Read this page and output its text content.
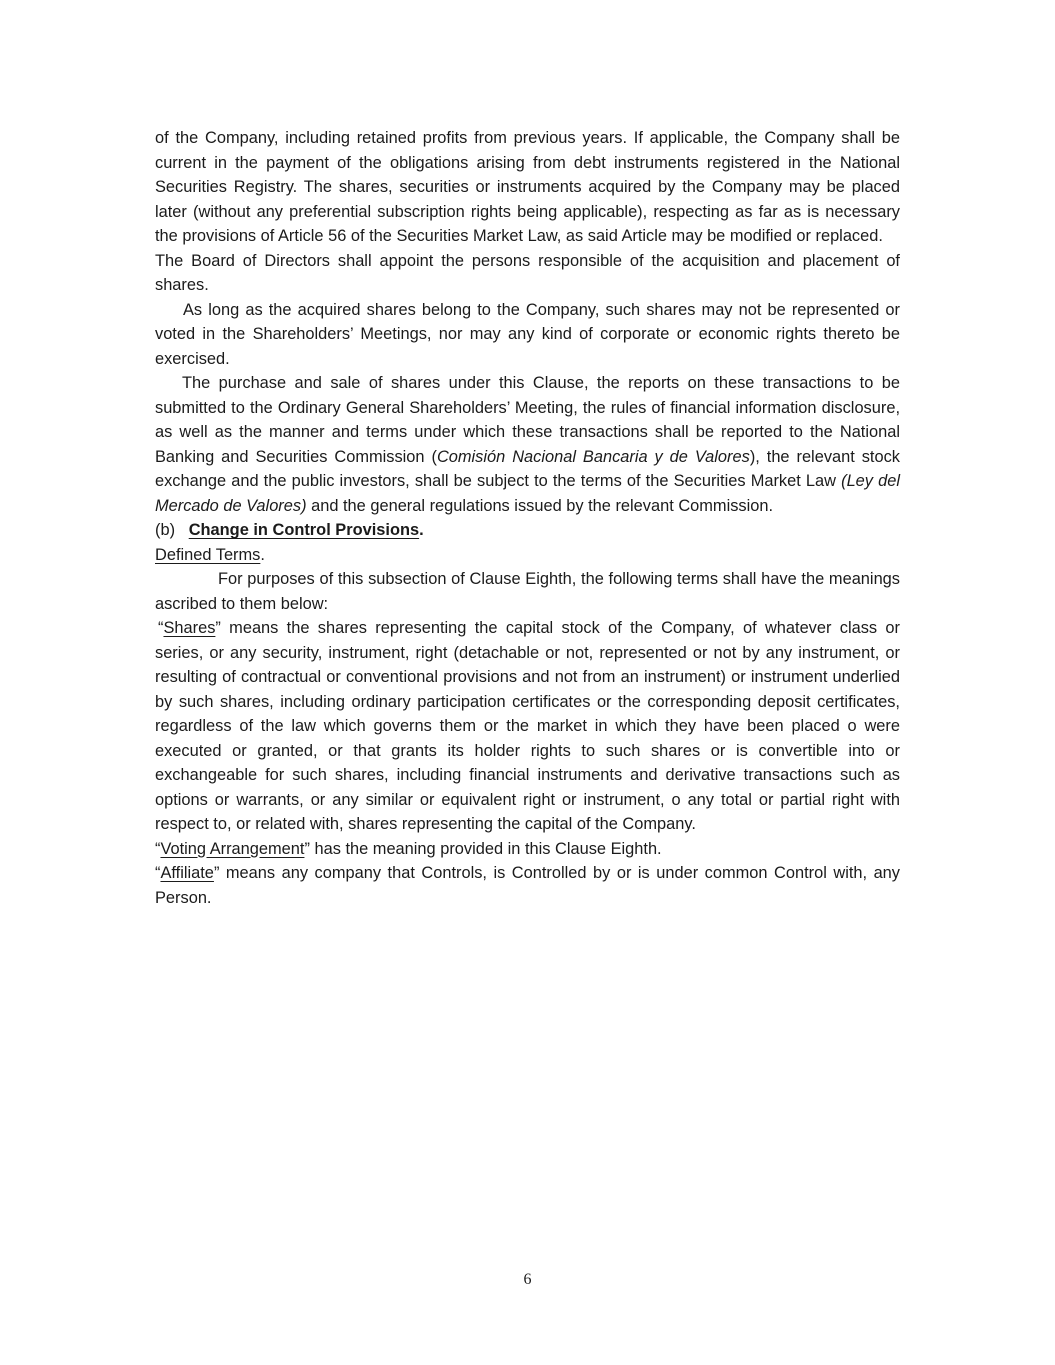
of the Company, including retained profits from previous years. If applicable, the Company shall be current in the payment of the obligations arising from debt instruments registered in the National Securities Registry. The shares, securities or instruments acquired by the Company may be placed later (without any preferential subscription rights being applicable), respecting as far as is necessary the provisions of Article 56 of the Securities Market Law, as said Article may be modified or replaced.

The Board of Directors shall appoint the persons responsible of the acquisition and placement of shares.

As long as the acquired shares belong to the Company, such shares may not be represented or voted in the Shareholders’ Meetings, nor may any kind of corporate or economic rights thereto be exercised.

The purchase and sale of shares under this Clause, the reports on these transactions to be submitted to the Ordinary General Shareholders’ Meeting, the rules of financial information disclosure, as well as the manner and terms under which these transactions shall be reported to the National Banking and Securities Commission (Comisión Nacional Bancaria y de Valores), the relevant stock exchange and the public investors, shall be subject to the terms of the Securities Market Law (Ley del Mercado de Valores) and the general regulations issued by the relevant Commission.

(b)   Change in Control Provisions.

Defined Terms.

For purposes of this subsection of Clause Eighth, the following terms shall have the meanings ascribed to them below:

“Shares” means the shares representing the capital stock of the Company, of whatever class or series, or any security, instrument, right (detachable or not, represented or not by any instrument, or resulting of contractual or conventional provisions and not from an instrument) or instrument underlied by such shares, including ordinary participation certificates or the corresponding deposit certificates, regardless of the law which governs them or the market in which they have been placed o were executed or granted, or that grants its holder rights to such shares or is convertible into or exchangeable for such shares, including financial instruments and derivative transactions such as options or warrants, or any similar or equivalent right or instrument, o any total or partial right with respect to, or related with, shares representing the capital of the Company.

“Voting Arrangement” has the meaning provided in this Clause Eighth.

“Affiliate” means any company that Controls, is Controlled by or is under common Control with, any Person.

6
